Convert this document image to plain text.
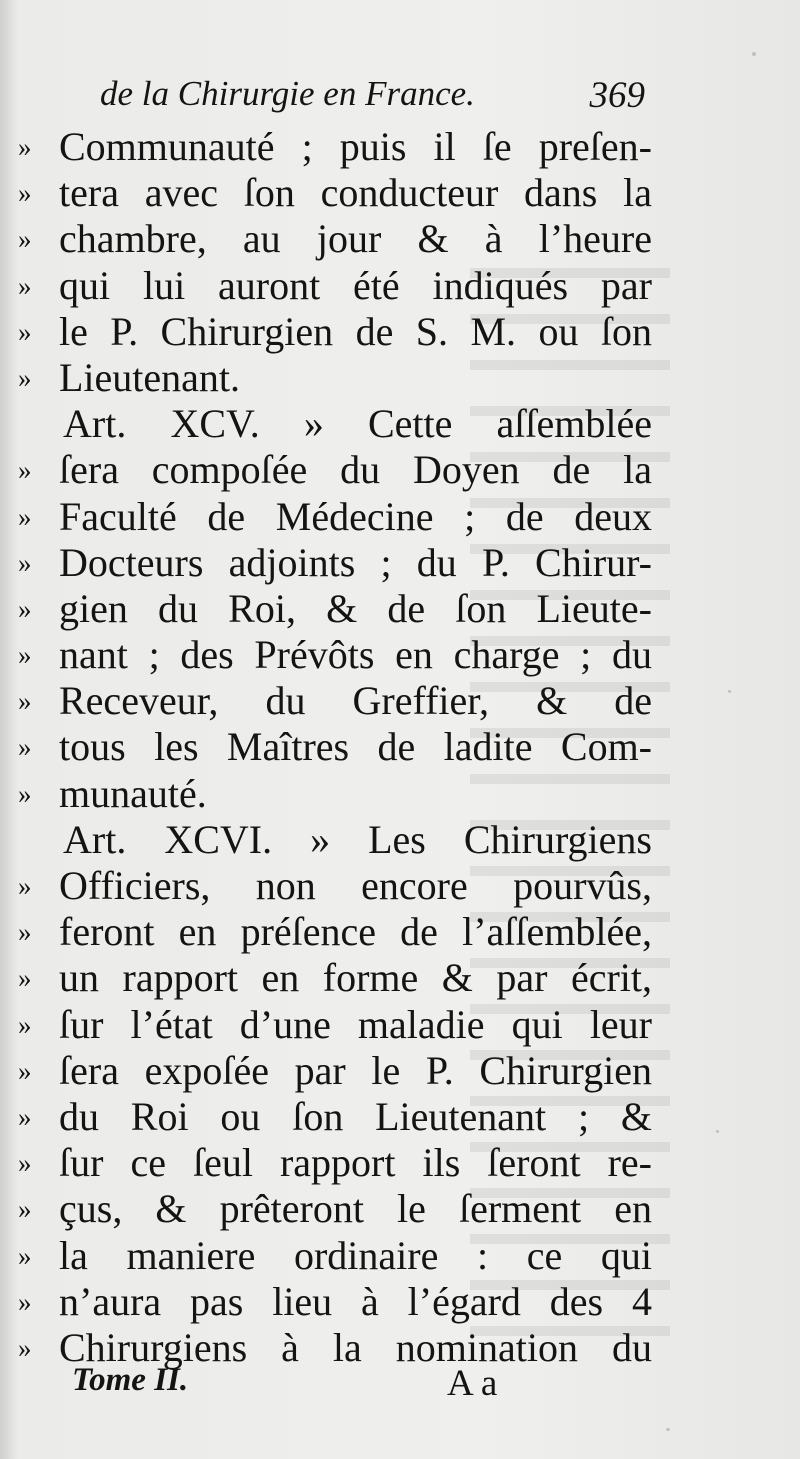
de la Chirurgie en France.	369
» Communauté ; puis il ſe preſen-
» tera avec ſon conducteur dans la
» chambre, au jour & à l’heure
» qui lui auront été indiqués par
» le P. Chirurgien de S. M. ou ſon
» Lieutenant.
Art. XCV. » Cette aſſemblée
» ſera compoſée du Doyen de la
» Faculté de Médecine ; de deux
» Docteurs adjoints ; du P. Chirur-
» gien du Roi, & de ſon Lieute-
» nant ; des Prévôts en charge ; du
» Receveur, du Greffier, & de
» tous les Maîtres de ladite Com-
» munauté.
Art. XCVI. » Les Chirurgiens
» Officiers, non encore pourvûs,
» feront en préſence de l’aſſemblée,
» un rapport en forme & par écrit,
» ſur l’état d’une maladie qui leur
» ſera expoſée par le P. Chirurgien
» du Roi ou ſon Lieutenant ; &
» ſur ce ſeul rapport ils ſeront re-
» çus, & prêteront le ſerment en
» la maniere ordinaire : ce qui
» n’aura pas lieu à l’égard des 4
» Chirurgiens à la nomination du
Tome II.	A a
